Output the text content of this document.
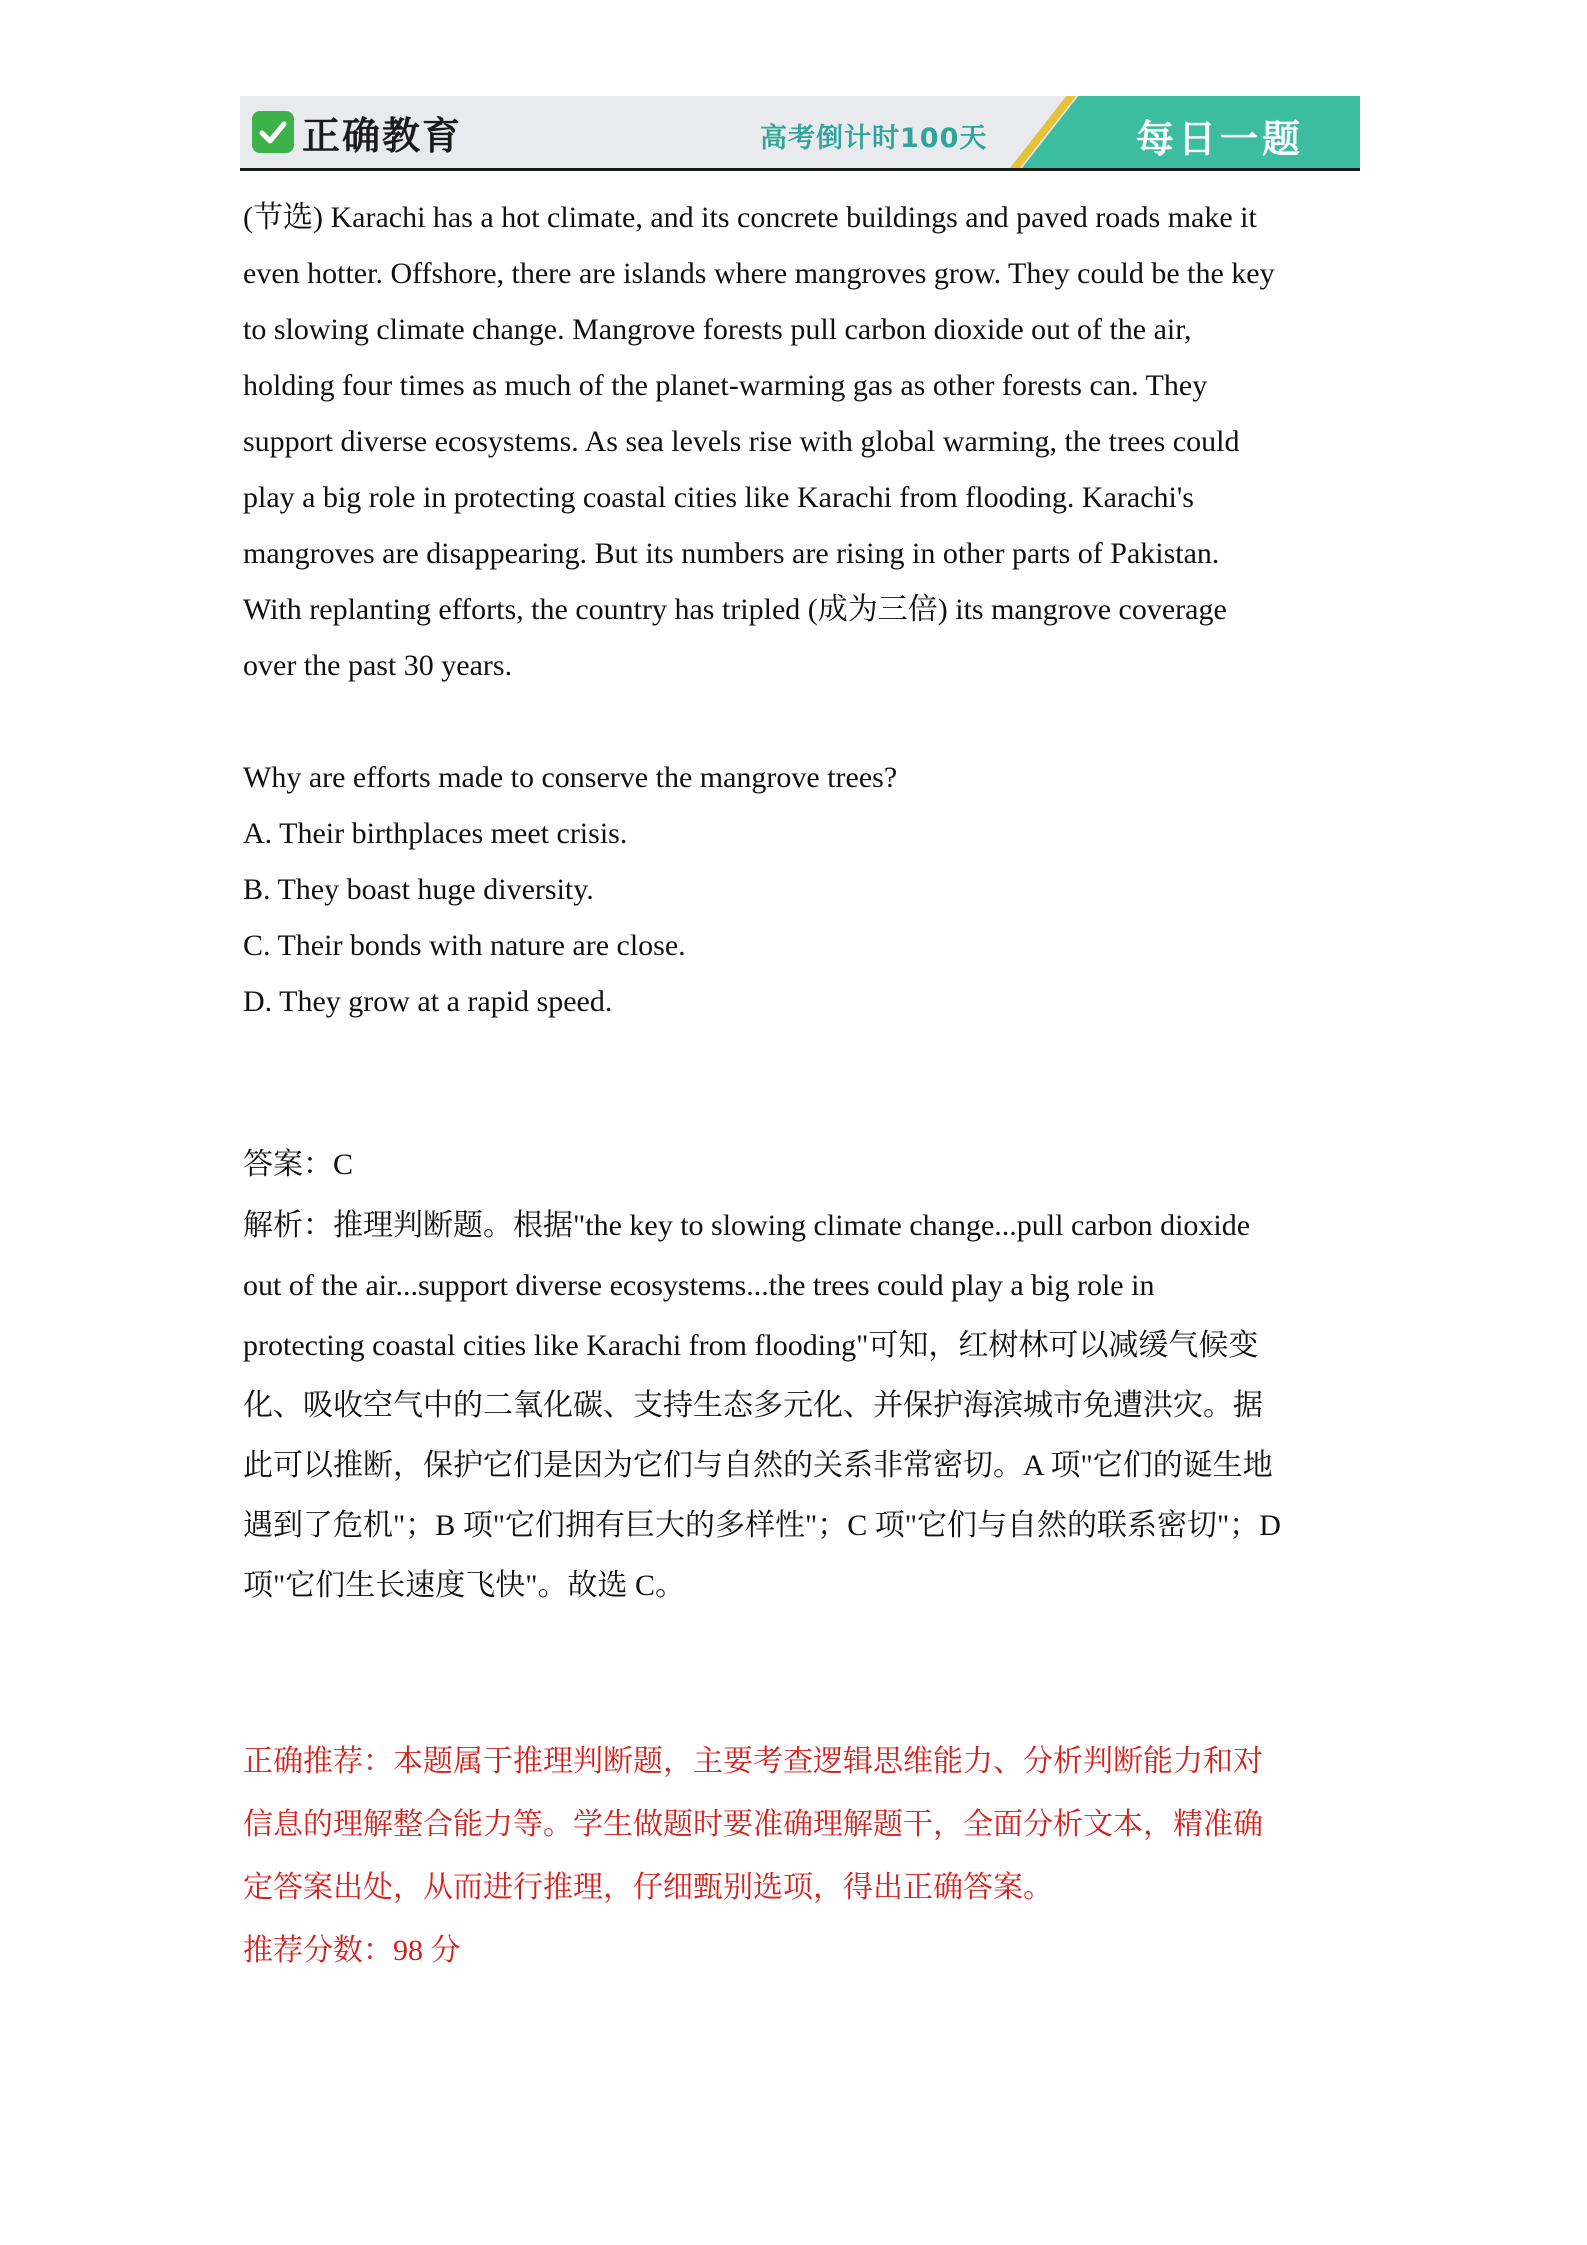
正确教育	高考倒计时100天	每日一题

(节选) Karachi has a hot climate, and its concrete buildings and paved roads make it

even hotter. Offshore, there are islands where mangroves grow. They could be the key

to slowing climate change. Mangrove forests pull carbon dioxide out of the air,

holding four times as much of the planet-warming gas as other forests can. They

support diverse ecosystems. As sea levels rise with global warming, the trees could

play a big role in protecting coastal cities like Karachi from flooding. Karachi's

mangroves are disappearing. But its numbers are rising in other parts of Pakistan.

With replanting efforts, the country has tripled (成为三倍) its mangrove coverage

over the past 30 years.

Why are efforts made to conserve the mangrove trees?

A. Their birthplaces meet crisis.

B. They boast huge diversity.

C. Their bonds with nature are close.

D. They grow at a rapid speed.

答案：C

解析：推理判断题。根据"the key to slowing climate change...pull carbon dioxide

out of the air...support diverse ecosystems...the trees could play a big role in

protecting coastal cities like Karachi from flooding"可知，红树林可以减缓气候变

化、吸收空气中的二氧化碳、支持生态多元化、并保护海滨城市免遭洪灾。据

此可以推断，保护它们是因为它们与自然的关系非常密切。A 项"它们的诞生地

遇到了危机"；B 项"它们拥有巨大的多样性"；C 项"它们与自然的联系密切"；D

项"它们生长速度飞快"。故选 C。

正确推荐：本题属于推理判断题，主要考查逻辑思维能力、分析判断能力和对

信息的理解整合能力等。学生做题时要准确理解题干，全面分析文本，精准确

定答案出处，从而进行推理，仔细甄别选项，得出正确答案。

推荐分数：98 分
